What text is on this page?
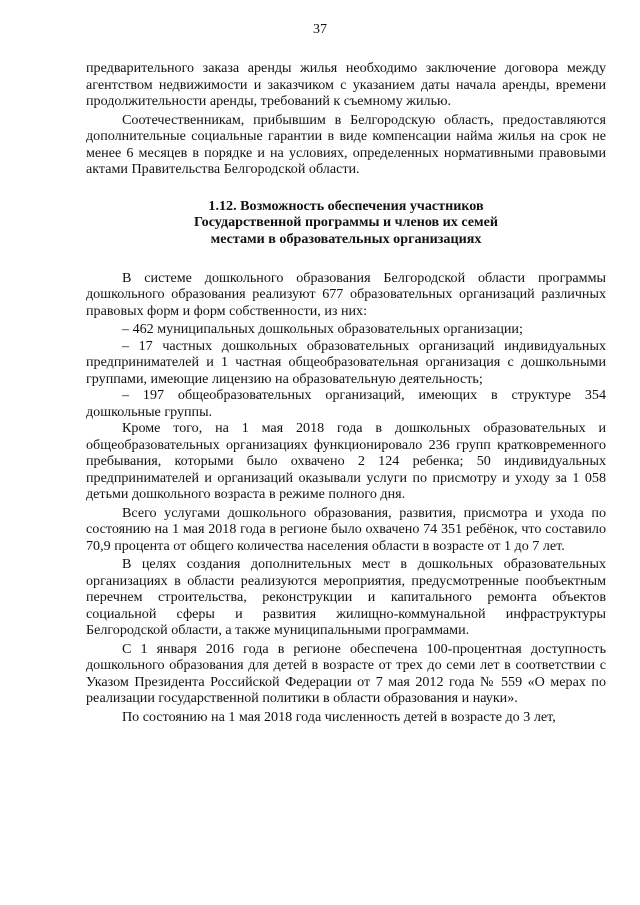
37

предварительного заказа аренды жилья необходимо заключение договора между агентством недвижимости и заказчиком с указанием даты начала аренды, времени продолжительности аренды, требований к съемному жилью.

Соотечественникам, прибывшим в Белгородскую область, предоставляются дополнительные социальные гарантии в виде компенсации найма жилья на срок не менее 6 месяцев в порядке и на условиях, определенных нормативными правовыми актами Правительства Белгородской области.

1.12. Возможность обеспечения участников

Государственной программы и членов их семей

местами в образовательных организациях

В системе дошкольного образования Белгородской области программы дошкольного образования реализуют 677 образовательных организаций различных правовых форм и форм собственности, из них:

– 462 муниципальных дошкольных образовательных организации;

– 17 частных дошкольных образовательных организаций индивидуальных предпринимателей и 1 частная общеобразовательная организация с дошкольными группами, имеющие лицензию на образовательную деятельность;

– 197 общеобразовательных организаций, имеющих в структуре 354 дошкольные группы.

Кроме того, на 1 мая 2018 года в дошкольных образовательных и общеобразовательных организациях функционировало 236 групп кратковременного пребывания, которыми было охвачено 2 124 ребенка; 50 индивидуальных предпринимателей и организаций оказывали услуги по присмотру и уходу за 1 058 детьми дошкольного возраста в режиме полного дня.

Всего услугами дошкольного образования, развития, присмотра и ухода по состоянию на 1 мая 2018 года в регионе было охвачено 74 351 ребёнок, что составило 70,9 процента от общего количества населения области в возрасте от 1 до 7 лет.

В целях создания дополнительных мест в дошкольных образовательных организациях в области реализуются мероприятия, предусмотренные пообъектным перечнем строительства, реконструкции и капитального ремонта объектов социальной сферы и развития жилищно-коммунальной инфраструктуры Белгородской области, а также муниципальными программами.

С 1 января 2016 года в регионе обеспечена 100-процентная доступность дошкольного образования для детей в возрасте от трех до семи лет в соответствии с Указом Президента Российской Федерации от 7 мая 2012 года № 559 «О мерах по реализации государственной политики в области образования и науки».

По состоянию на 1 мая 2018 года численность детей в возрасте до 3 лет,
